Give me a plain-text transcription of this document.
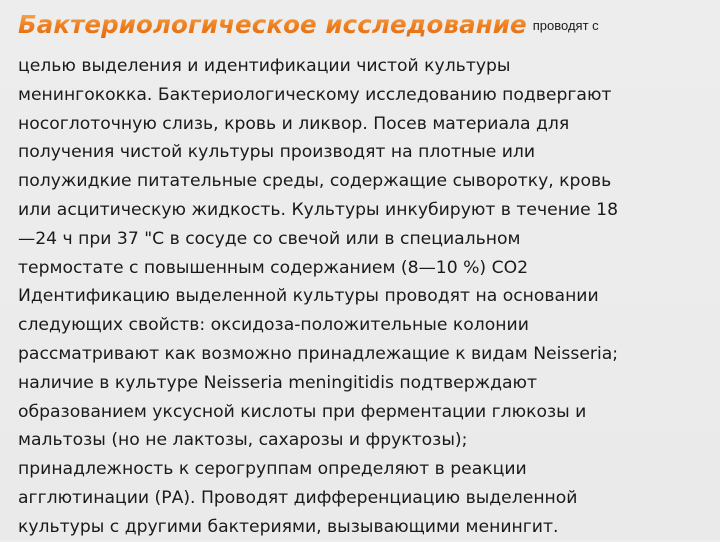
Бактериологическое исследование проводят с

целью выделения и идентификации чистой культуры
менингококка. Бактериологическому исследованию подвергают
носоглоточную слизь, кровь и ликвор. Посев материала для
получения чистой культуры производят на плотные или
полужидкие питательные среды, содержащие сыворотку, кровь
или асцитическую жидкость. Культуры инкубируют в течение 18
—24 ч при 37 "С в сосуде со свечой или в специальном
термостате с повышенным содержанием (8—10 %) СО2
Идентификацию выделенной культуры проводят на основании
следующих свойств: оксидоза-положительные колонии
рассматривают как возможно принадлежащие к видам Neisseria;
наличие в культуре Neisseria meningitidis подтверждают
образованием уксусной кислоты при ферментации глюкозы и
мальтозы (но не лактозы, сахарозы и фруктозы);
принадлежность к серогруппам определяют в реакции
агглютинации (РА). Проводят дифференциацию выделенной
культуры с другими бактериями, вызывающими менингит.
